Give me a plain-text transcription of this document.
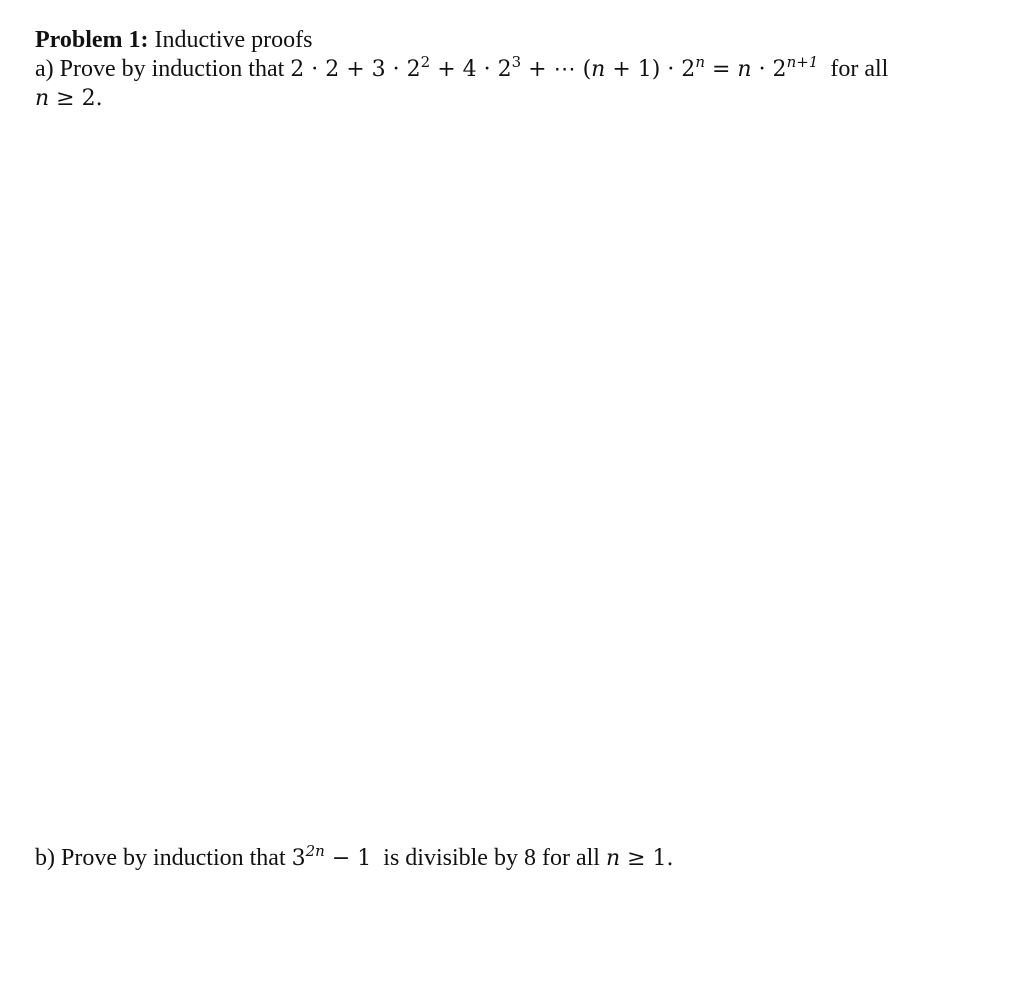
Problem 1: Inductive proofs
a) Prove by induction that $2 \cdot 2 + 3 \cdot 2^2 + 4 \cdot 2^3$ + ⋯ $(n + 1) \cdot 2^n = n \cdot 2^{n+1}$ for all
n ≥ 2.
b) Prove by induction that $3^{2n} - 1$  is divisible by 8 for all n ≥ 1.
